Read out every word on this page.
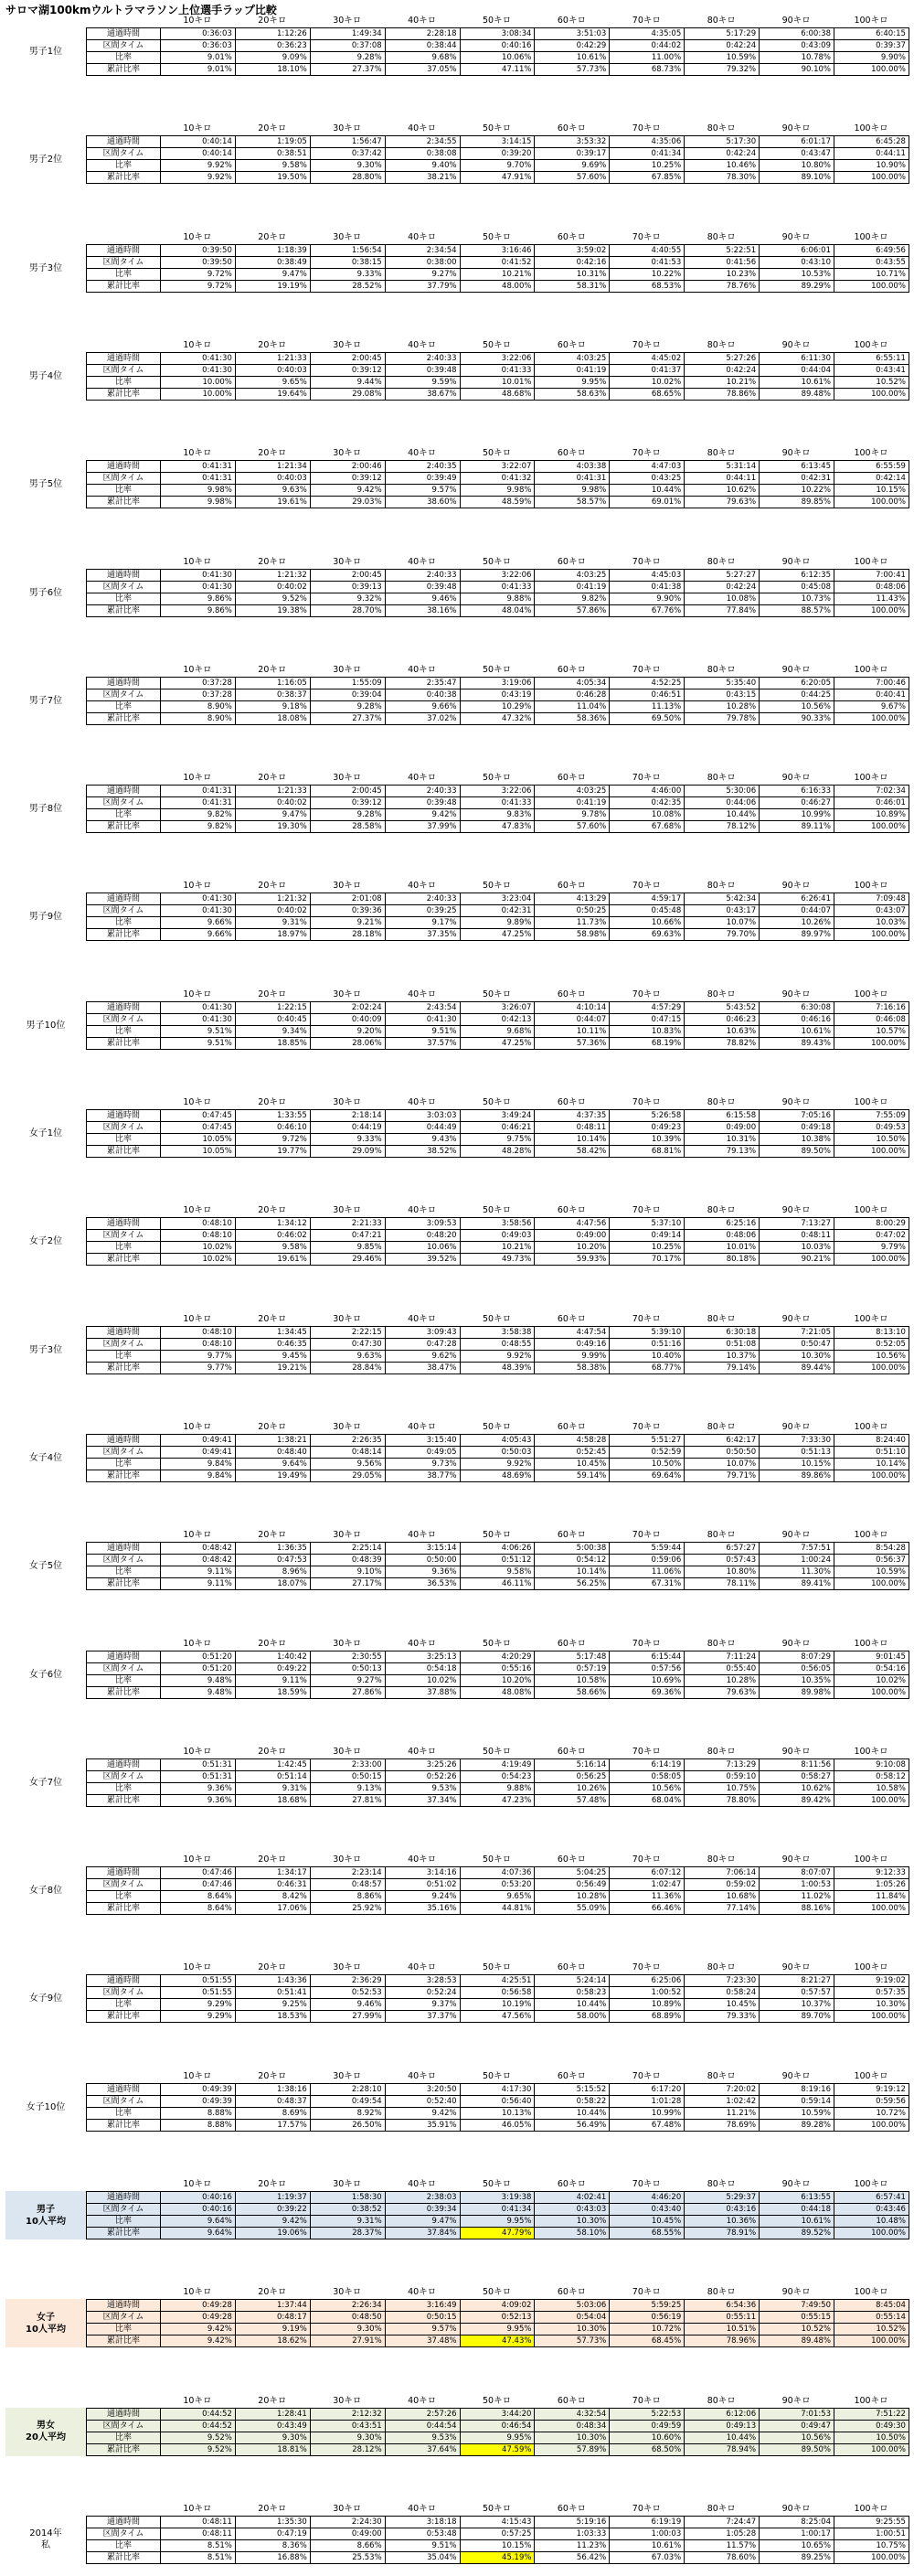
サロマ湖100kmウルトラマラソン上位選手ラップ比較
10キロ	20キロ	30キロ	40キロ	50キロ	60キロ	70キロ	80キロ	90キロ	100キロ
男子1位
通過時間	0:36:03	1:12:26	1:49:34	2:28:18	3:08:34	3:51:03	4:35:05	5:17:29	6:00:38	6:40:15
区間タイム	0:36:03	0:36:23	0:37:08	0:38:44	0:40:16	0:42:29	0:44:02	0:42:24	0:43:09	0:39:37
比率	9.01%	9.09%	9.28%	9.68%	10.06%	10.61%	11.00%	10.59%	10.78%	9.90%
累計比率	9.01%	18.10%	27.37%	37.05%	47.11%	57.73%	68.73%	79.32%	90.10%	100.00%
10キロ	20キロ	30キロ	40キロ	50キロ	60キロ	70キロ	80キロ	90キロ	100キロ
男子2位
通過時間	0:40:14	1:19:05	1:56:47	2:34:55	3:14:15	3:53:32	4:35:06	5:17:30	6:01:17	6:45:28
区間タイム	0:40:14	0:38:51	0:37:42	0:38:08	0:39:20	0:39:17	0:41:34	0:42:24	0:43:47	0:44:11
比率	9.92%	9.58%	9.30%	9.40%	9.70%	9.69%	10.25%	10.46%	10.80%	10.90%
累計比率	9.92%	19.50%	28.80%	38.21%	47.91%	57.60%	67.85%	78.30%	89.10%	100.00%
10キロ	20キロ	30キロ	40キロ	50キロ	60キロ	70キロ	80キロ	90キロ	100キロ
男子3位
通過時間	0:39:50	1:18:39	1:56:54	2:34:54	3:16:46	3:59:02	4:40:55	5:22:51	6:06:01	6:49:56
区間タイム	0:39:50	0:38:49	0:38:15	0:38:00	0:41:52	0:42:16	0:41:53	0:41:56	0:43:10	0:43:55
比率	9.72%	9.47%	9.33%	9.27%	10.21%	10.31%	10.22%	10.23%	10.53%	10.71%
累計比率	9.72%	19.19%	28.52%	37.79%	48.00%	58.31%	68.53%	78.76%	89.29%	100.00%
10キロ	20キロ	30キロ	40キロ	50キロ	60キロ	70キロ	80キロ	90キロ	100キロ
男子4位
通過時間	0:41:30	1:21:33	2:00:45	2:40:33	3:22:06	4:03:25	4:45:02	5:27:26	6:11:30	6:55:11
区間タイム	0:41:30	0:40:03	0:39:12	0:39:48	0:41:33	0:41:19	0:41:37	0:42:24	0:44:04	0:43:41
比率	10.00%	9.65%	9.44%	9.59%	10.01%	9.95%	10.02%	10.21%	10.61%	10.52%
累計比率	10.00%	19.64%	29.08%	38.67%	48.68%	58.63%	68.65%	78.86%	89.48%	100.00%
10キロ	20キロ	30キロ	40キロ	50キロ	60キロ	70キロ	80キロ	90キロ	100キロ
男子5位
通過時間	0:41:31	1:21:34	2:00:46	2:40:35	3:22:07	4:03:38	4:47:03	5:31:14	6:13:45	6:55:59
区間タイム	0:41:31	0:40:03	0:39:12	0:39:49	0:41:32	0:41:31	0:43:25	0:44:11	0:42:31	0:42:14
比率	9.98%	9.63%	9.42%	9.57%	9.98%	9.98%	10.44%	10.62%	10.22%	10.15%
累計比率	9.98%	19.61%	29.03%	38.60%	48.59%	58.57%	69.01%	79.63%	89.85%	100.00%
10キロ	20キロ	30キロ	40キロ	50キロ	60キロ	70キロ	80キロ	90キロ	100キロ
男子6位
通過時間	0:41:30	1:21:32	2:00:45	2:40:33	3:22:06	4:03:25	4:45:03	5:27:27	6:12:35	7:00:41
区間タイム	0:41:30	0:40:02	0:39:13	0:39:48	0:41:33	0:41:19	0:41:38	0:42:24	0:45:08	0:48:06
比率	9.86%	9.52%	9.32%	9.46%	9.88%	9.82%	9.90%	10.08%	10.73%	11.43%
累計比率	9.86%	19.38%	28.70%	38.16%	48.04%	57.86%	67.76%	77.84%	88.57%	100.00%
10キロ	20キロ	30キロ	40キロ	50キロ	60キロ	70キロ	80キロ	90キロ	100キロ
男子7位
通過時間	0:37:28	1:16:05	1:55:09	2:35:47	3:19:06	4:05:34	4:52:25	5:35:40	6:20:05	7:00:46
区間タイム	0:37:28	0:38:37	0:39:04	0:40:38	0:43:19	0:46:28	0:46:51	0:43:15	0:44:25	0:40:41
比率	8.90%	9.18%	9.28%	9.66%	10.29%	11.04%	11.13%	10.28%	10.56%	9.67%
累計比率	8.90%	18.08%	27.37%	37.02%	47.32%	58.36%	69.50%	79.78%	90.33%	100.00%
10キロ	20キロ	30キロ	40キロ	50キロ	60キロ	70キロ	80キロ	90キロ	100キロ
男子8位
通過時間	0:41:31	1:21:33	2:00:45	2:40:33	3:22:06	4:03:25	4:46:00	5:30:06	6:16:33	7:02:34
区間タイム	0:41:31	0:40:02	0:39:12	0:39:48	0:41:33	0:41:19	0:42:35	0:44:06	0:46:27	0:46:01
比率	9.82%	9.47%	9.28%	9.42%	9.83%	9.78%	10.08%	10.44%	10.99%	10.89%
累計比率	9.82%	19.30%	28.58%	37.99%	47.83%	57.60%	67.68%	78.12%	89.11%	100.00%
10キロ	20キロ	30キロ	40キロ	50キロ	60キロ	70キロ	80キロ	90キロ	100キロ
男子9位
通過時間	0:41:30	1:21:32	2:01:08	2:40:33	3:23:04	4:13:29	4:59:17	5:42:34	6:26:41	7:09:48
区間タイム	0:41:30	0:40:02	0:39:36	0:39:25	0:42:31	0:50:25	0:45:48	0:43:17	0:44:07	0:43:07
比率	9.66%	9.31%	9.21%	9.17%	9.89%	11.73%	10.66%	10.07%	10.26%	10.03%
累計比率	9.66%	18.97%	28.18%	37.35%	47.25%	58.98%	69.63%	79.70%	89.97%	100.00%
10キロ	20キロ	30キロ	40キロ	50キロ	60キロ	70キロ	80キロ	90キロ	100キロ
男子10位
通過時間	0:41:30	1:22:15	2:02:24	2:43:54	3:26:07	4:10:14	4:57:29	5:43:52	6:30:08	7:16:16
区間タイム	0:41:30	0:40:45	0:40:09	0:41:30	0:42:13	0:44:07	0:47:15	0:46:23	0:46:16	0:46:08
比率	9.51%	9.34%	9.20%	9.51%	9.68%	10.11%	10.83%	10.63%	10.61%	10.57%
累計比率	9.51%	18.85%	28.06%	37.57%	47.25%	57.36%	68.19%	78.82%	89.43%	100.00%
10キロ	20キロ	30キロ	40キロ	50キロ	60キロ	70キロ	80キロ	90キロ	100キロ
女子1位
通過時間	0:47:45	1:33:55	2:18:14	3:03:03	3:49:24	4:37:35	5:26:58	6:15:58	7:05:16	7:55:09
区間タイム	0:47:45	0:46:10	0:44:19	0:44:49	0:46:21	0:48:11	0:49:23	0:49:00	0:49:18	0:49:53
比率	10.05%	9.72%	9.33%	9.43%	9.75%	10.14%	10.39%	10.31%	10.38%	10.50%
累計比率	10.05%	19.77%	29.09%	38.52%	48.28%	58.42%	68.81%	79.13%	89.50%	100.00%
10キロ	20キロ	30キロ	40キロ	50キロ	60キロ	70キロ	80キロ	90キロ	100キロ
女子2位
通過時間	0:48:10	1:34:12	2:21:33	3:09:53	3:58:56	4:47:56	5:37:10	6:25:16	7:13:27	8:00:29
区間タイム	0:48:10	0:46:02	0:47:21	0:48:20	0:49:03	0:49:00	0:49:14	0:48:06	0:48:11	0:47:02
比率	10.02%	9.58%	9.85%	10.06%	10.21%	10.20%	10.25%	10.01%	10.03%	9.79%
累計比率	10.02%	19.61%	29.46%	39.52%	49.73%	59.93%	70.17%	80.18%	90.21%	100.00%
10キロ	20キロ	30キロ	40キロ	50キロ	60キロ	70キロ	80キロ	90キロ	100キロ
男子3位
通過時間	0:48:10	1:34:45	2:22:15	3:09:43	3:58:38	4:47:54	5:39:10	6:30:18	7:21:05	8:13:10
区間タイム	0:48:10	0:46:35	0:47:30	0:47:28	0:48:55	0:49:16	0:51:16	0:51:08	0:50:47	0:52:05
比率	9.77%	9.45%	9.63%	9.62%	9.92%	9.99%	10.40%	10.37%	10.30%	10.56%
累計比率	9.77%	19.21%	28.84%	38.47%	48.39%	58.38%	68.77%	79.14%	89.44%	100.00%
10キロ	20キロ	30キロ	40キロ	50キロ	60キロ	70キロ	80キロ	90キロ	100キロ
女子4位
通過時間	0:49:41	1:38:21	2:26:35	3:15:40	4:05:43	4:58:28	5:51:27	6:42:17	7:33:30	8:24:40
区間タイム	0:49:41	0:48:40	0:48:14	0:49:05	0:50:03	0:52:45	0:52:59	0:50:50	0:51:13	0:51:10
比率	9.84%	9.64%	9.56%	9.73%	9.92%	10.45%	10.50%	10.07%	10.15%	10.14%
累計比率	9.84%	19.49%	29.05%	38.77%	48.69%	59.14%	69.64%	79.71%	89.86%	100.00%
10キロ	20キロ	30キロ	40キロ	50キロ	60キロ	70キロ	80キロ	90キロ	100キロ
女子5位
通過時間	0:48:42	1:36:35	2:25:14	3:15:14	4:06:26	5:00:38	5:59:44	6:57:27	7:57:51	8:54:28
区間タイム	0:48:42	0:47:53	0:48:39	0:50:00	0:51:12	0:54:12	0:59:06	0:57:43	1:00:24	0:56:37
比率	9.11%	8.96%	9.10%	9.36%	9.58%	10.14%	11.06%	10.80%	11.30%	10.59%
累計比率	9.11%	18.07%	27.17%	36.53%	46.11%	56.25%	67.31%	78.11%	89.41%	100.00%
10キロ	20キロ	30キロ	40キロ	50キロ	60キロ	70キロ	80キロ	90キロ	100キロ
女子6位
通過時間	0:51:20	1:40:42	2:30:55	3:25:13	4:20:29	5:17:48	6:15:44	7:11:24	8:07:29	9:01:45
区間タイム	0:51:20	0:49:22	0:50:13	0:54:18	0:55:16	0:57:19	0:57:56	0:55:40	0:56:05	0:54:16
比率	9.48%	9.11%	9.27%	10.02%	10.20%	10.58%	10.69%	10.28%	10.35%	10.02%
累計比率	9.48%	18.59%	27.86%	37.88%	48.08%	58.66%	69.36%	79.63%	89.98%	100.00%
10キロ	20キロ	30キロ	40キロ	50キロ	60キロ	70キロ	80キロ	90キロ	100キロ
女子7位
通過時間	0:51:31	1:42:45	2:33:00	3:25:26	4:19:49	5:16:14	6:14:19	7:13:29	8:11:56	9:10:08
区間タイム	0:51:31	0:51:14	0:50:15	0:52:26	0:54:23	0:56:25	0:58:05	0:59:10	0:58:27	0:58:12
比率	9.36%	9.31%	9.13%	9.53%	9.88%	10.26%	10.56%	10.75%	10.62%	10.58%
累計比率	9.36%	18.68%	27.81%	37.34%	47.23%	57.48%	68.04%	78.80%	89.42%	100.00%
10キロ	20キロ	30キロ	40キロ	50キロ	60キロ	70キロ	80キロ	90キロ	100キロ
女子8位
通過時間	0:47:46	1:34:17	2:23:14	3:14:16	4:07:36	5:04:25	6:07:12	7:06:14	8:07:07	9:12:33
区間タイム	0:47:46	0:46:31	0:48:57	0:51:02	0:53:20	0:56:49	1:02:47	0:59:02	1:00:53	1:05:26
比率	8.64%	8.42%	8.86%	9.24%	9.65%	10.28%	11.36%	10.68%	11.02%	11.84%
累計比率	8.64%	17.06%	25.92%	35.16%	44.81%	55.09%	66.46%	77.14%	88.16%	100.00%
10キロ	20キロ	30キロ	40キロ	50キロ	60キロ	70キロ	80キロ	90キロ	100キロ
女子9位
通過時間	0:51:55	1:43:36	2:36:29	3:28:53	4:25:51	5:24:14	6:25:06	7:23:30	8:21:27	9:19:02
区間タイム	0:51:55	0:51:41	0:52:53	0:52:24	0:56:58	0:58:23	1:00:52	0:58:24	0:57:57	0:57:35
比率	9.29%	9.25%	9.46%	9.37%	10.19%	10.44%	10.89%	10.45%	10.37%	10.30%
累計比率	9.29%	18.53%	27.99%	37.37%	47.56%	58.00%	68.89%	79.33%	89.70%	100.00%
10キロ	20キロ	30キロ	40キロ	50キロ	60キロ	70キロ	80キロ	90キロ	100キロ
女子10位
通過時間	0:49:39	1:38:16	2:28:10	3:20:50	4:17:30	5:15:52	6:17:20	7:20:02	8:19:16	9:19:12
区間タイム	0:49:39	0:48:37	0:49:54	0:52:40	0:56:40	0:58:22	1:01:28	1:02:42	0:59:14	0:59:56
比率	8.88%	8.69%	8.92%	9.42%	10.13%	10.44%	10.99%	11.21%	10.59%	10.72%
累計比率	8.88%	17.57%	26.50%	35.91%	46.05%	56.49%	67.48%	78.69%	89.28%	100.00%
10キロ	20キロ	30キロ	40キロ	50キロ	60キロ	70キロ	80キロ	90キロ	100キロ
男子
10人平均
通過時間	0:40:16	1:19:37	1:58:30	2:38:03	3:19:38	4:02:41	4:46:20	5:29:37	6:13:55	6:57:41
区間タイム	0:40:16	0:39:22	0:38:52	0:39:34	0:41:34	0:43:03	0:43:40	0:43:16	0:44:18	0:43:46
比率	9.64%	9.42%	9.31%	9.47%	9.95%	10.30%	10.45%	10.36%	10.61%	10.48%
累計比率	9.64%	19.06%	28.37%	37.84%	47.79%	58.10%	68.55%	78.91%	89.52%	100.00%
10キロ	20キロ	30キロ	40キロ	50キロ	60キロ	70キロ	80キロ	90キロ	100キロ
女子
10人平均
通過時間	0:49:28	1:37:44	2:26:34	3:16:49	4:09:02	5:03:06	5:59:25	6:54:36	7:49:50	8:45:04
区間タイム	0:49:28	0:48:17	0:48:50	0:50:15	0:52:13	0:54:04	0:56:19	0:55:11	0:55:15	0:55:14
比率	9.42%	9.19%	9.30%	9.57%	9.95%	10.30%	10.72%	10.51%	10.52%	10.52%
累計比率	9.42%	18.62%	27.91%	37.48%	47.43%	57.73%	68.45%	78.96%	89.48%	100.00%
10キロ	20キロ	30キロ	40キロ	50キロ	60キロ	70キロ	80キロ	90キロ	100キロ
男女
20人平均
通過時間	0:44:52	1:28:41	2:12:32	2:57:26	3:44:20	4:32:54	5:22:53	6:12:06	7:01:53	7:51:22
区間タイム	0:44:52	0:43:49	0:43:51	0:44:54	0:46:54	0:48:34	0:49:59	0:49:13	0:49:47	0:49:30
比率	9.52%	9.30%	9.30%	9.53%	9.95%	10.30%	10.60%	10.44%	10.56%	10.50%
累計比率	9.52%	18.81%	28.12%	37.64%	47.59%	57.89%	68.50%	78.94%	89.50%	100.00%
10キロ	20キロ	30キロ	40キロ	50キロ	60キロ	70キロ	80キロ	90キロ	100キロ
2014年
私
通過時間	0:48:11	1:35:30	2:24:30	3:18:18	4:15:43	5:19:16	6:19:19	7:24:47	8:25:04	9:25:55
区間タイム	0:48:11	0:47:19	0:49:00	0:53:48	0:57:25	1:03:33	1:00:03	1:05:28	1:00:17	1:00:51
比率	8.51%	8.36%	8.66%	9.51%	10.15%	11.23%	10.61%	11.57%	10.65%	10.75%
累計比率	8.51%	16.88%	25.53%	35.04%	45.19%	56.42%	67.03%	78.60%	89.25%	100.00%
